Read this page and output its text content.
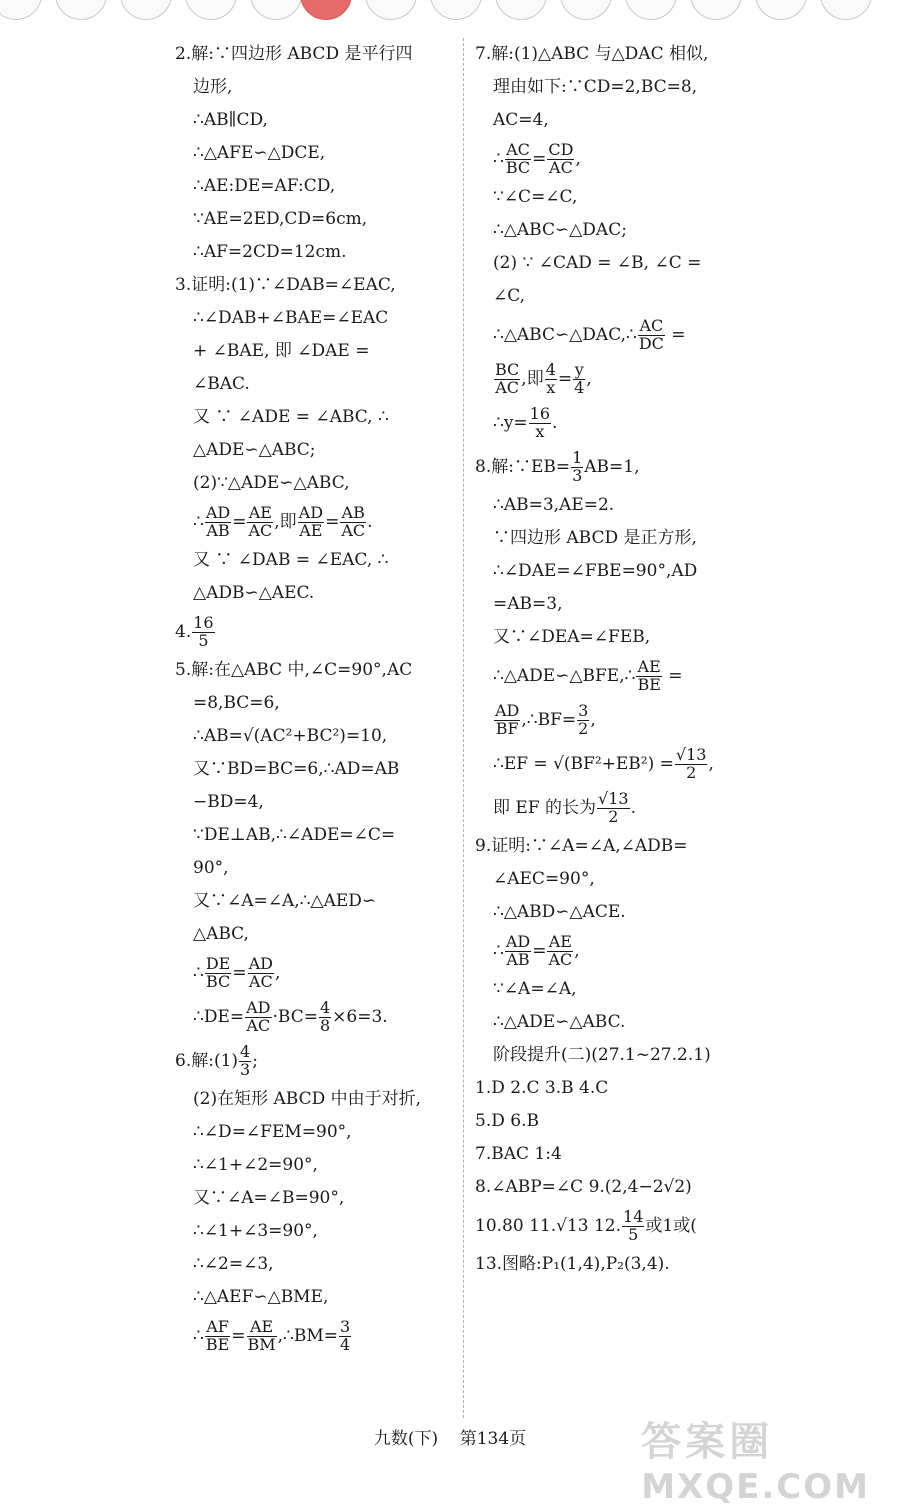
2.解:∵四边形 ABCD 是平行四
边形,
∴AB∥CD,
∴△AFE∽△DCE,
∴AE:DE=AF:CD,
∵AE=2ED,CD=6cm,
∴AF=2CD=12cm.
3.证明:(1)∵∠DAB=∠EAC,
∴∠DAB+∠BAE=∠EAC
+ ∠BAE, 即 ∠DAE =
∠BAC.
又 ∵ ∠ADE = ∠ABC, ∴
△ADE∽△ABC;
(2)∵△ADE∽△ABC,
∴ $\frac{AD}{AB} = \frac{AE}{AC}$ ,即 $\frac{AD}{AE} = \frac{AB}{AC}$ .
又 ∵ ∠DAB = ∠EAC, ∴
△ADB∽△AEC.
4. $\frac{16}{5}$
5.解:在△ABC 中,∠C=90°,AC
=8,BC=6,
∴AB=√(AC²+BC²)=10,
又∵BD=BC=6,∴AD=AB
−BD=4,
∵DE⊥AB,∴∠ADE=∠C=
90°,
又∵∠A=∠A,∴△AED∽
△ABC,
∴ $\frac{DE}{BC} = \frac{AD}{AC}$ ,
∴DE= $\frac{AD}{AC} \cdot BC= \frac{4}{8} \times 6=3$.
6.解:(1) $\frac{4}{3}$ ;
(2)在矩形 ABCD 中由于对折,
∴∠D=∠FEM=90°,
∴∠1+∠2=90°,
又∵∠A=∠B=90°,
∴∠1+∠3=90°,
∴∠2=∠3,
∴△AEF∽△BME,
∴ $\frac{AF}{BE} = \frac{AE}{BM}$ ,∴BM= $\frac{3}{4}$
7.解:(1)△ABC 与△DAC 相似,
理由如下:∵CD=2,BC=8,
AC=4,
∴ $\frac{AC}{BC} = \frac{CD}{AC}$ ,
∵∠C=∠C,
∴△ABC∽△DAC;
(2) ∵ ∠CAD = ∠B, ∠C =
∠C,
∴△ABC∽△DAC,∴ $\frac{AC}{DC}$ =
$\frac{BC}{AC}$ ,即 $\frac{4}{x} = \frac{y}{4}$ ,
∴y= $\frac{16}{x}$ .
8.解:∵EB= $\frac{1}{3} AB=1$,
∴AB=3,AE=2.
∵四边形 ABCD 是正方形,
∴∠DAE=∠FBE=90°,AD
=AB=3,
又∵∠DEA=∠FEB,
∴△ADE∽△BFE,∴ $\frac{AE}{BE}$ =
$\frac{AD}{BF}$ ,∴BF= $\frac{3}{2}$ ,
∴EF = $√(BF^2+EB^2) = \frac{√13}{2}$ ,
即 EF 的长为 $\frac{√13}{2}$ .
9.证明:∵∠A=∠A,∠ADB=
∠AEC=90°,
∴△ABD∽△ACE.
∴ $\frac{AD}{AB} = \frac{AE}{AC}$ ,
∵∠A=∠A,
∴△ADE∽△ABC.
阶段提升(二)(27.1~27.2.1)
1.D 2.C 3.B 4.C
5.D 6.B
7.BAC 1:4
8.∠ABP=∠C 9.(2,4−2√2)
10.80 11.√13 12. $\frac{14}{5}$ 或1或(
13.图略:P₁(1,4),P₂(3,4).
九数(下) 第134页	答案圈
MXQE.COM
